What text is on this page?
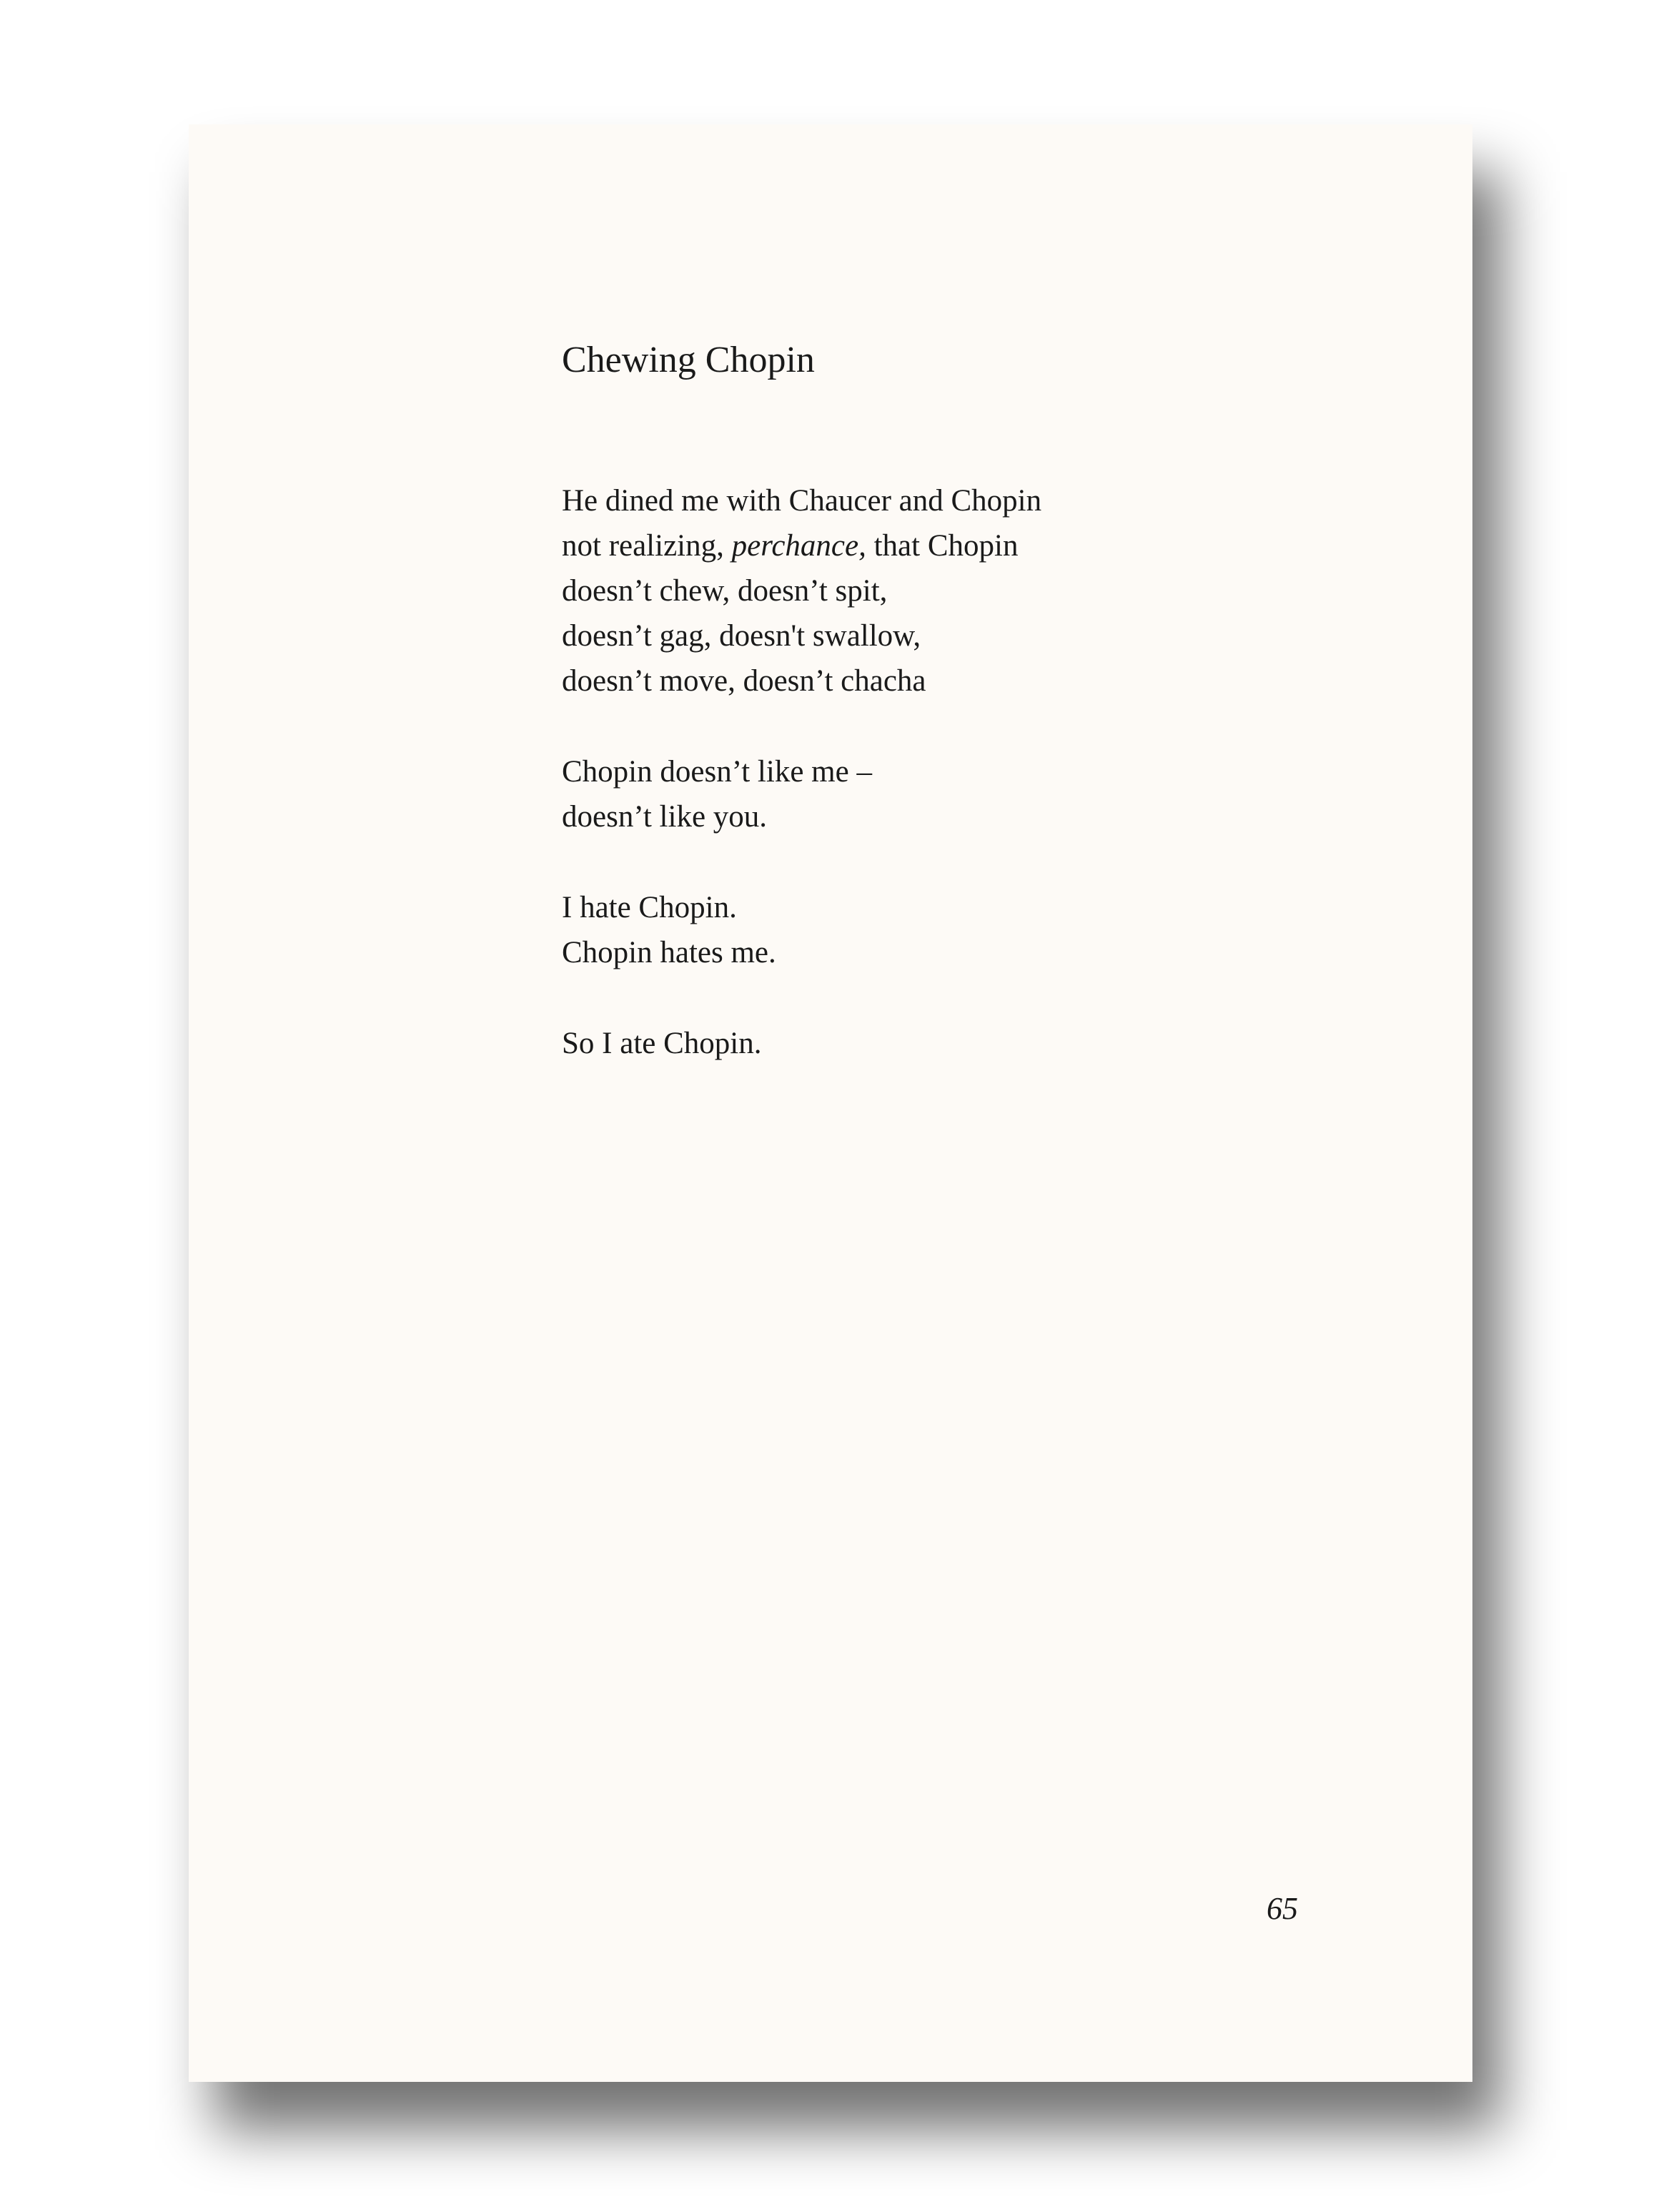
Chewing Chopin
He dined me with Chaucer and Chopin
not realizing, perchance, that Chopin
doesn’t chew, doesn’t spit,
doesn’t gag, doesn't swallow,
doesn’t move, doesn’t chacha
Chopin doesn’t like me –
doesn’t like you.
I hate Chopin.
Chopin hates me.
So I ate Chopin.
65
